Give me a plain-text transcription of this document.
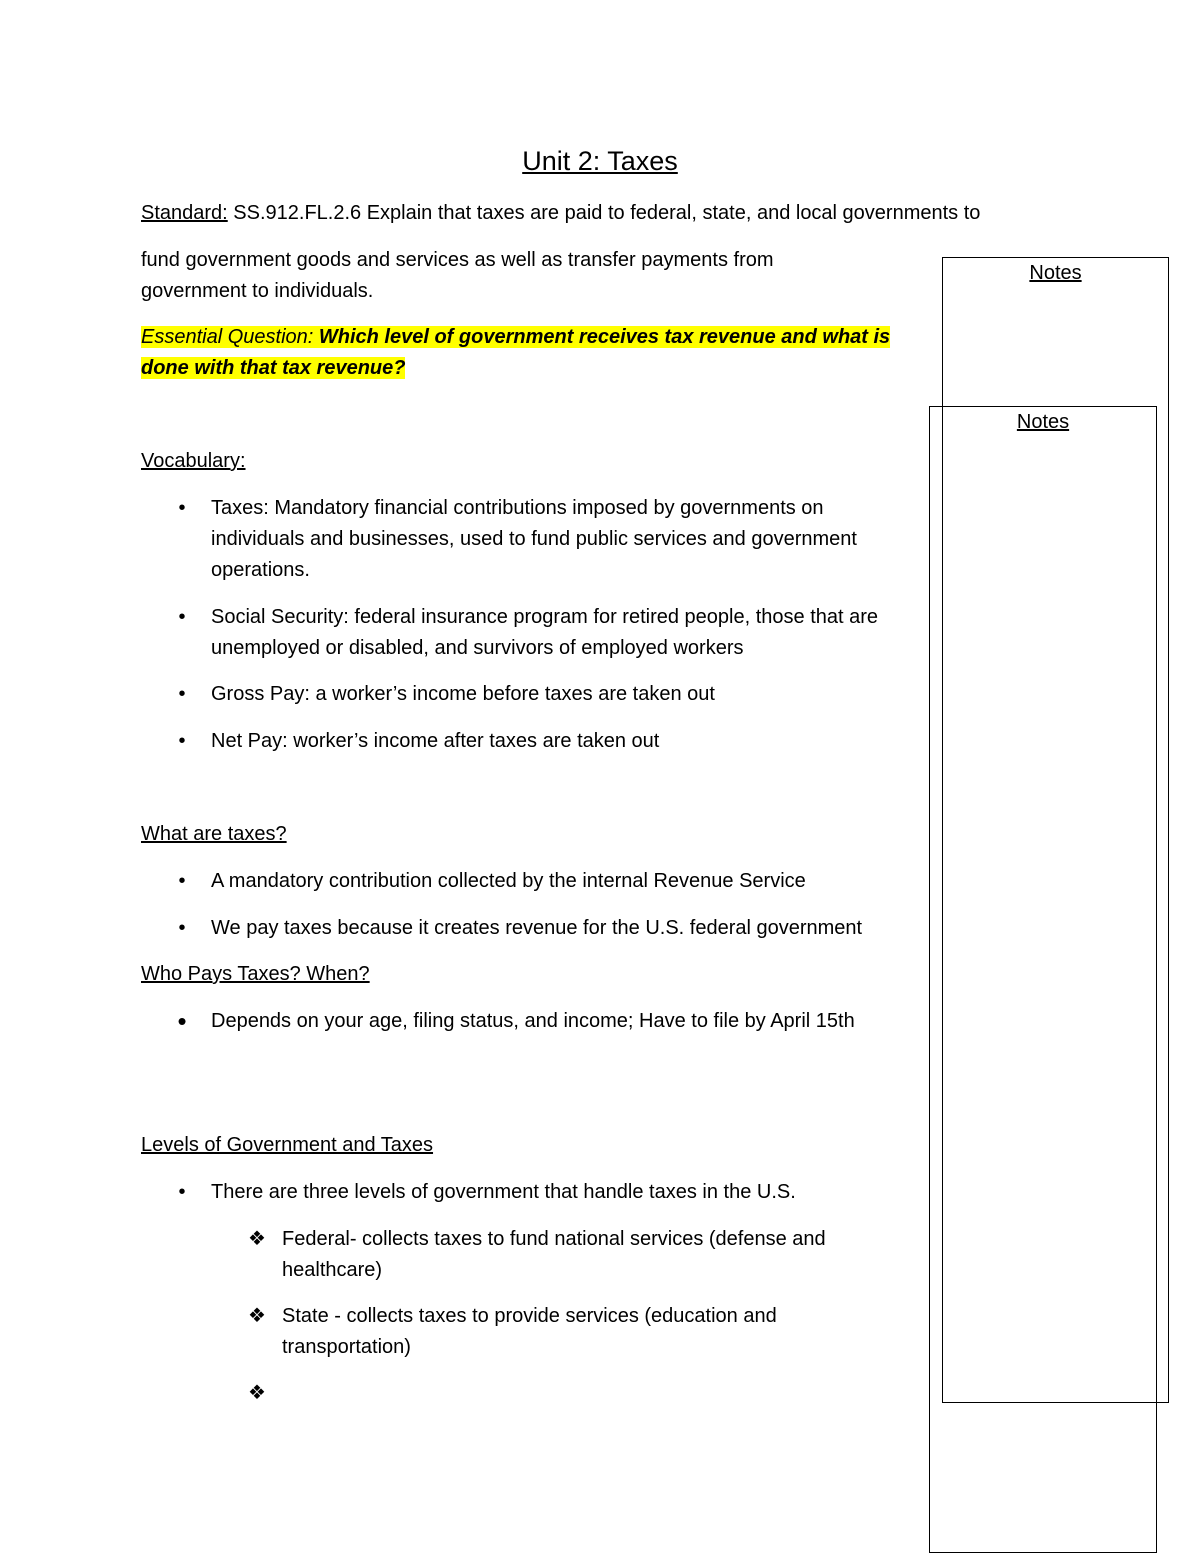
Unit 2: Taxes
Standard: SS.912.FL.2.6 Explain that taxes are paid to federal, state, and local governments to
fund government goods and services as well as transfer payments from
government to individuals.
Essential Question: Which level of government receives tax revenue and what is
done with that tax revenue?
Vocabulary:
• Taxes: Mandatory financial contributions imposed by governments on individuals and businesses, used to fund public services and government operations.
• Social Security: federal insurance program for retired people, those that are unemployed or disabled, and survivors of employed workers
• Gross Pay: a worker’s income before taxes are taken out
• Net Pay: worker’s income after taxes are taken out
What are taxes?
• A mandatory contribution collected by the internal Revenue Service
• We pay taxes because it creates revenue for the U.S. federal government
Who Pays Taxes? When?
• Depends on your age, filing status, and income; Have to file by April 15th
Levels of Government and Taxes
• There are three levels of government that handle taxes in the U.S.
❖ Federal- collects taxes to fund national services (defense and healthcare)
❖ State - collects taxes to provide services (education and transportation)
❖
Notes
Notes
